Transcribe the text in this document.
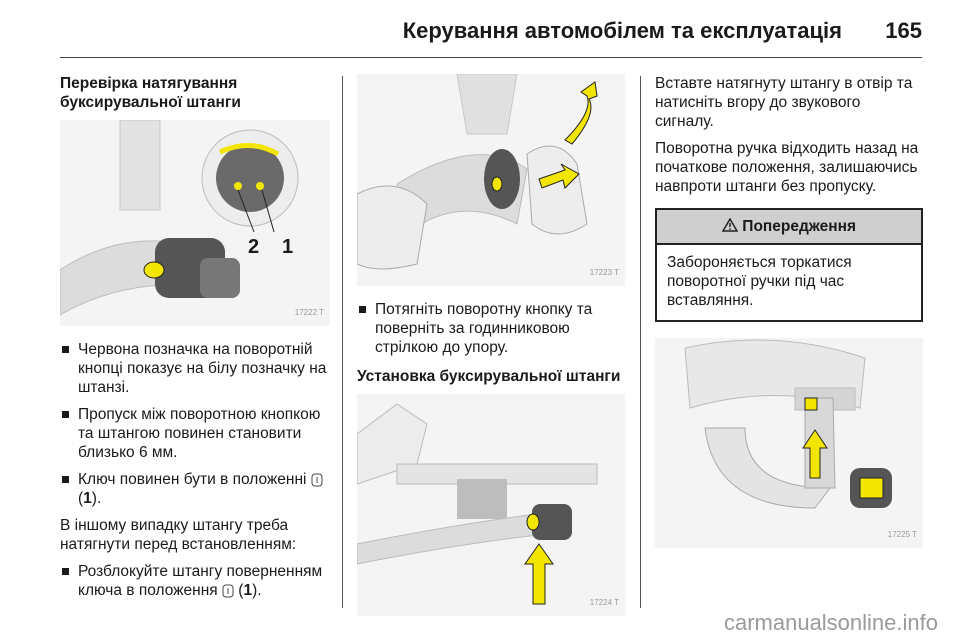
Керування автомобілем та експлуатація 165
Перевірка натягування буксирувальної штанги
2 1
17222 T
Червона позначка на поворотній кнопці показує на білу позначку на штанзі.
Пропуск між поворотною кнопкою та штангою повинен становити близько 6 мм.
Ключ повинен бути в положенні  (1).

В іншому випадку штангу треба натягнути перед встановленням:

Розблокуйте штангу поверненням ключа в положення  (1).
17223 T
Потягніть поворотну кнопку та поверніть за годинниковою стрілкою до упору.
Установка буксирувальної штанги
17224 T

Вставте натягнуту штангу в отвір та натисніть вгору до звукового сигналу.

Поворотна ручка відходить назад на початкове положення, залишаючись навпроти штанги без пропуску.

Попередження
Забороняється торкатися поворотної ручки під час вставляння.
17225 T
carmanualsonline.info
